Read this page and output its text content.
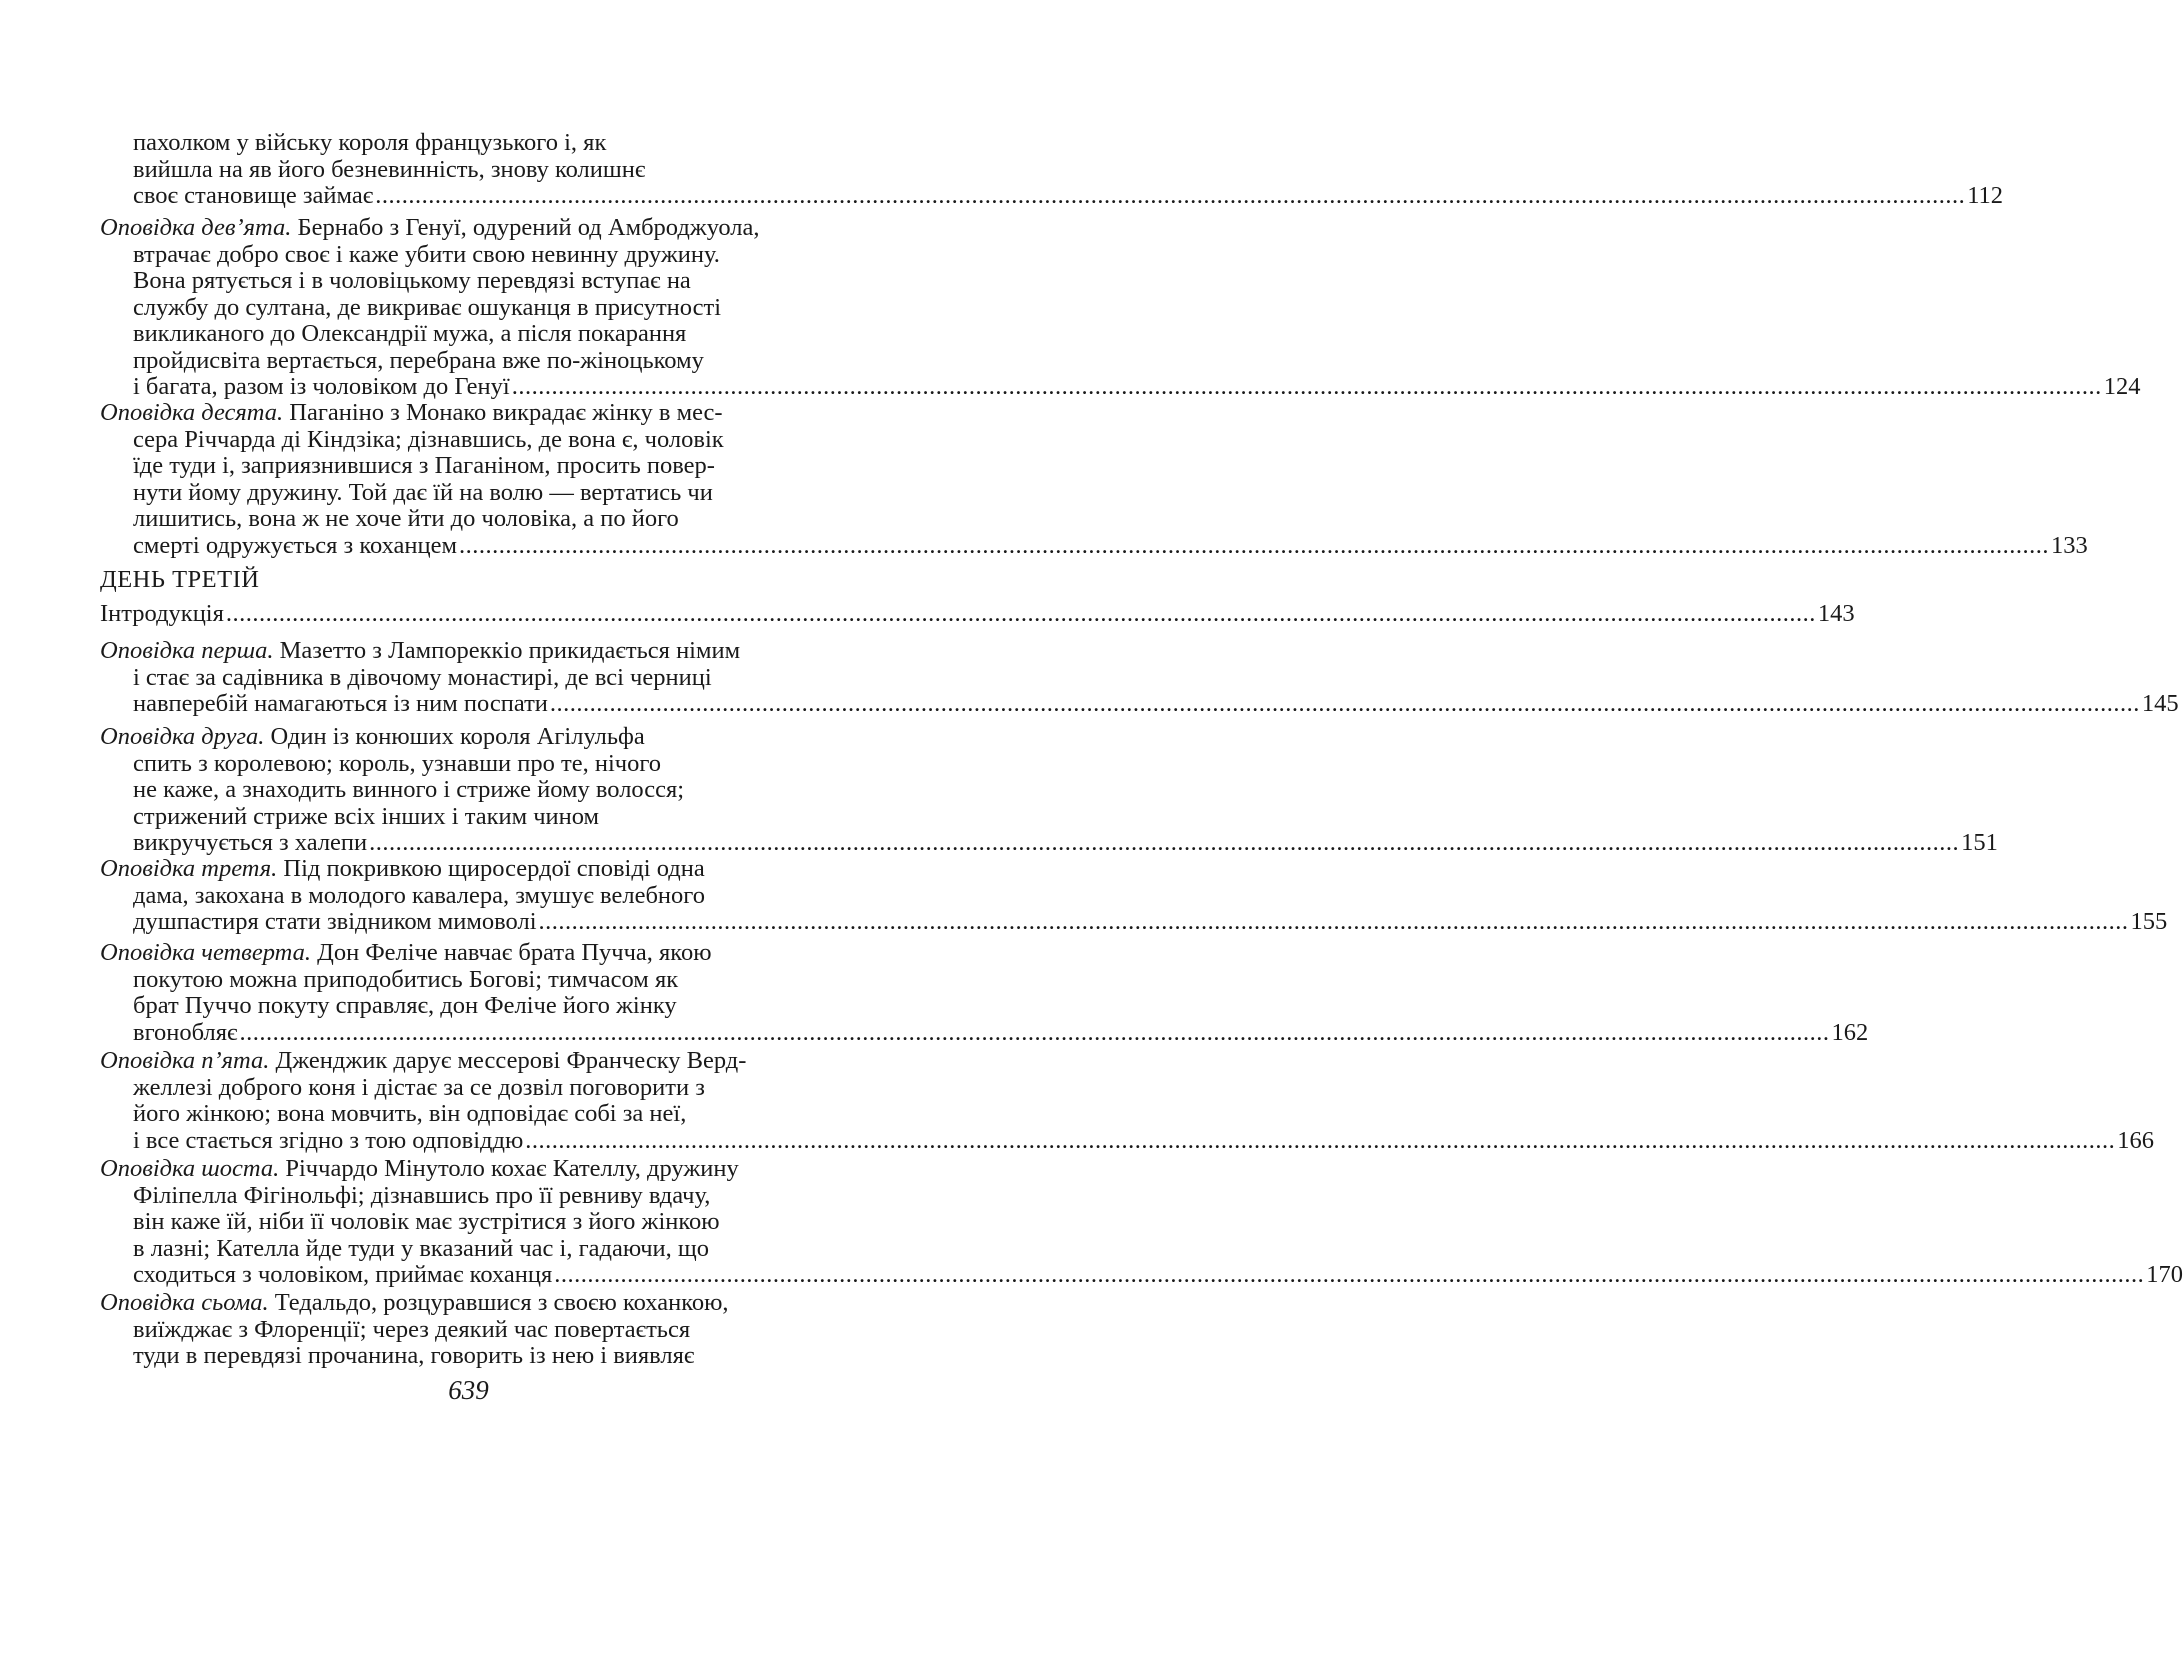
пахолком у війську короля французького і, як
вийшла на яв його безневинність, знову колишнє
своє становище займає ................................................................................................................................................................................................................................................ 112
Оповідка дев’ята. Бернабо з Генуї, одурений од Амброджуола,
втрачає добро своє і каже убити свою невинну дружину.
Вона рятується і в чоловіцькому перевдязі вступає на
службу до султана, де викриває ошуканця в присутності
викликаного до Олександрії мужа, а після покарання
пройдисвіта вертається, перебрана вже по-жіноцькому
і багата, разом із чоловіком до Генуї ................................................................................................................................................................................................................................................ 124
Оповідка десята. Паганіно з Монако викрадає жінку в мес-
сера Річчарда ді Кіндзіка; дізнавшись, де вона є, чоловік
їде туди і, заприязнившися з Паганіном, просить повер-
нути йому дружину. Той дає їй на волю — вертатись чи
лишитись, вона ж не хоче йти до чоловіка, а по його
смерті одружується з коханцем ................................................................................................................................................................................................................................................ 133
ДЕНЬ ТРЕТІЙ
Інтродукція ................................................................................................................................................................................................................................................ 143
Оповідка перша. Мазетто з Лампореккіо прикидається німим
і стає за садівника в дівочому монастирі, де всі черниці
навперебій намагаються із ним поспати ................................................................................................................................................................................................................................................ 145
Оповідка друга. Один із конюших короля Агілульфа
спить з королевою; король, узнавши про те, нічого
не каже, а знаходить винного і стриже йому волосся;
стрижений стриже всіх інших і таким чином
викручується з халепи ................................................................................................................................................................................................................................................ 151
Оповідка третя. Під покривкою щиросердої сповіді одна
дама, закохана в молодого кавалера, змушує велебного
душпастиря стати звідником мимоволі ................................................................................................................................................................................................................................................ 155
Оповідка четверта. Дон Феліче навчає брата Пучча, якою
покутою можна приподобитись Богові; тимчасом як
брат Пуччо покуту справляє, дон Феліче його жінку
вгонобляє ................................................................................................................................................................................................................................................ 162
Оповідка п’ята. Дженджик дарує мессерові Франческу Верд-
желлезі доброго коня і дістає за се дозвіл поговорити з
його жінкою; вона мовчить, він одповідає собі за неї,
і все стається згідно з тою одповіддю ................................................................................................................................................................................................................................................ 166
Оповідка шоста. Річчардо Мінутоло кохає Кателлу, дружину
Філіпелла Фігінольфі; дізнавшись про її ревниву вдачу,
він каже їй, ніби її чоловік має зустрітися з його жінкою
в лазні; Кателла йде туди у вказаний час і, гадаючи, що
сходиться з чоловіком, приймає коханця ................................................................................................................................................................................................................................................ 170
Оповідка сьома. Тедальдо, розцуравшися з своєю коханкою,
виїжджає з Флоренції; через деякий час повертається
туди в перевдязі прочанина, говорить із нею і виявляє
639
